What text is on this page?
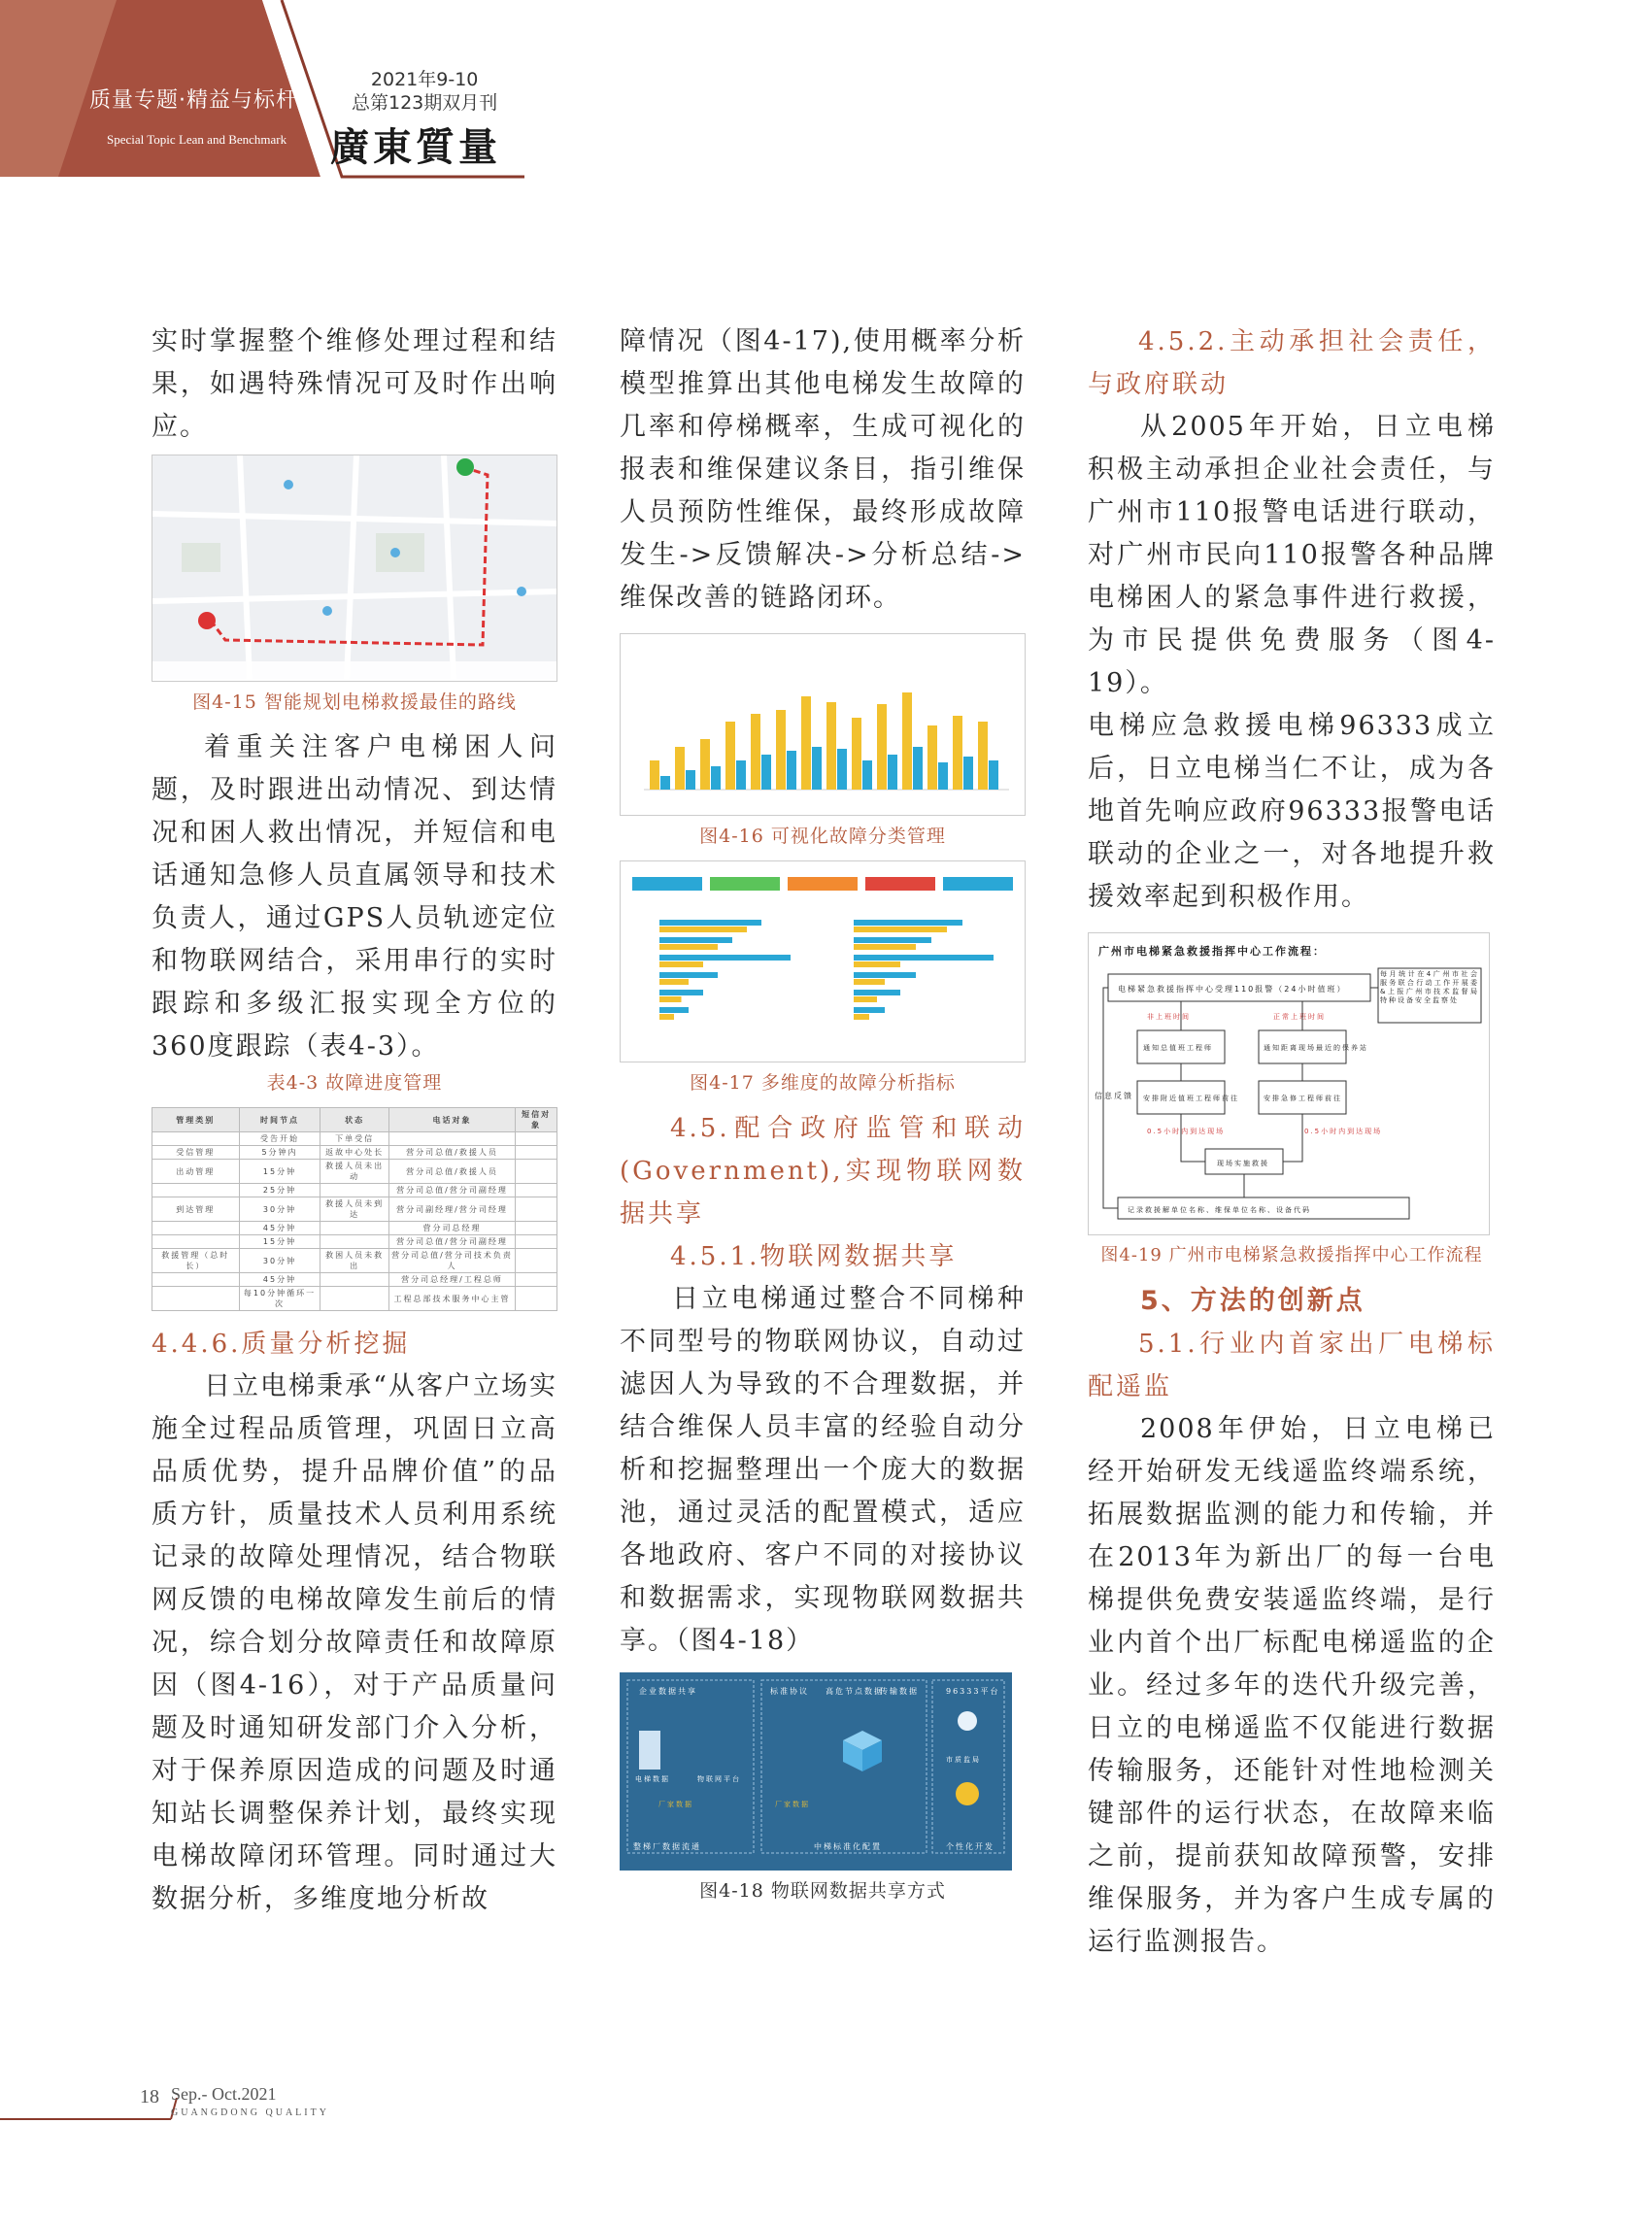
质量专题·精益与标杆
Special Topic Lean and Benchmark
2021年9-10
总第123期双月刊
廣東質量

实时掌握整个维修处理过程和结果，如遇特殊情况可及时作出响应。

图4-15 智能规划电梯救援最佳的路线

着重关注客户电梯困人问题，及时跟进出动情况、到达情况和困人救出情况，并短信和电话通知急修人员直属领导和技术负责人，通过GPS人员轨迹定位和物联网结合，采用串行的实时跟踪和多级汇报实现全方位的360度跟踪（表4-3）。

表4-3 故障进度管理

管理类别	时间节点	状态	电话对象	短信对象
	受告开始	下单受信		
受信管理	5分钟内	返故中心处长	营分司总值/救援人员	
出动管理	15分钟	救援人员未出动	营分司总值/救援人员	
	25分钟		营分司总值/营分司副经理	
到达管理	30分钟	救援人员未到达	营分司副经理/营分司经理	
	45分钟		营分司总经理	
	15分钟		营分司总值/营分司副经理	
救援管理（总时长）	30分钟	救困人员未救出	营分司总值/营分司技术负责人	
	45分钟		营分司总经理/工程总师	
	每10分钟循环一次		工程总部技术服务中心主管	

4.4.6.质量分析挖掘

日立电梯秉承“从客户立场实施全过程品质管理，巩固日立高品质优势，提升品牌价值”的品质方针，质量技术人员利用系统记录的故障处理情况，结合物联网反馈的电梯故障发生前后的情况，综合划分故障责任和故障原因（图4-16），对于产品质量问题及时通知研发部门介入分析，对于保养原因造成的问题及时通知站长调整保养计划，最终实现电梯故障闭环管理。同时通过大数据分析，多维度地分析故

障情况（图4-17),使用概率分析模型推算出其他电梯发生故障的几率和停梯概率，生成可视化的报表和维保建议条目，指引维保人员预防性维保，最终形成故障发生->反馈解决->分析总结->维保改善的链路闭环。

图4-16 可视化故障分类管理

图4-17 多维度的故障分析指标

4.5.配合政府监管和联动(Government),实现物联网数据共享

4.5.1.物联网数据共享

日立电梯通过整合不同梯种不同型号的物联网协议，自动过滤因人为导致的不合理数据，并结合维保人员丰富的经验自动分析和挖掘整理出一个庞大的数据池，通过灵活的配置模式，适应各地政府、客户不同的对接协议和数据需求，实现物联网数据共享。（图4-18）

企业数据共享
电梯数据	物联网平台
厂家数据
标准协议
厂家数据
高危节点数据
传输数据
中梯标准化配置
96333平台
市质监局
整梯厂数据流通	个性化开发

图4-18 物联网数据共享方式

4.5.2.主动承担社会责任，与政府联动

从2005年开始，日立电梯积极主动承担企业社会责任，与广州市110报警电话进行联动，对广州市民向110报警各种品牌电梯困人的紧急事件进行救援，为市民提供免费服务（图4-19）。

电梯应急救援电梯96333成立后，日立电梯当仁不让，成为各地首先响应政府96333报警电话联动的企业之一，对各地提升救援效率起到积极作用。

广州市电梯紧急救援指挥中心工作流程：
电梯紧急救援指挥中心受理110报警（24小时值班）
每月统计在4广州市社会服务联合行动工作开展委&上报广州市技术监督局特种设备安全监察处
非上班时间	正常上班时间
通知总值班工程师	通知距离现场最近的保养站
安排附近值班工程师前往	安排急修工程师前往
0.5小时内到达现场	0.5小时内到达现场
现场实施救援
信息反馈
记录救援解单位名称、维保单位名称、设备代码

图4-19 广州市电梯紧急救援指挥中心工作流程

5、方法的创新点

5.1.行业内首家出厂电梯标配遥监

2008年伊始，日立电梯已经开始研发无线遥监终端系统，拓展数据监测的能力和传输，并在2013年为新出厂的每一台电梯提供免费安装遥监终端，是行业内首个出厂标配电梯遥监的企业。经过多年的迭代升级完善，日立的电梯遥监不仅能进行数据传输服务，还能针对性地检测关键部件的运行状态，在故障来临之前，提前获知故障预警，安排维保服务，并为客户生成专属的运行监测报告。

18 Sep.- Oct.2021
GUANGDONG QUALITY
